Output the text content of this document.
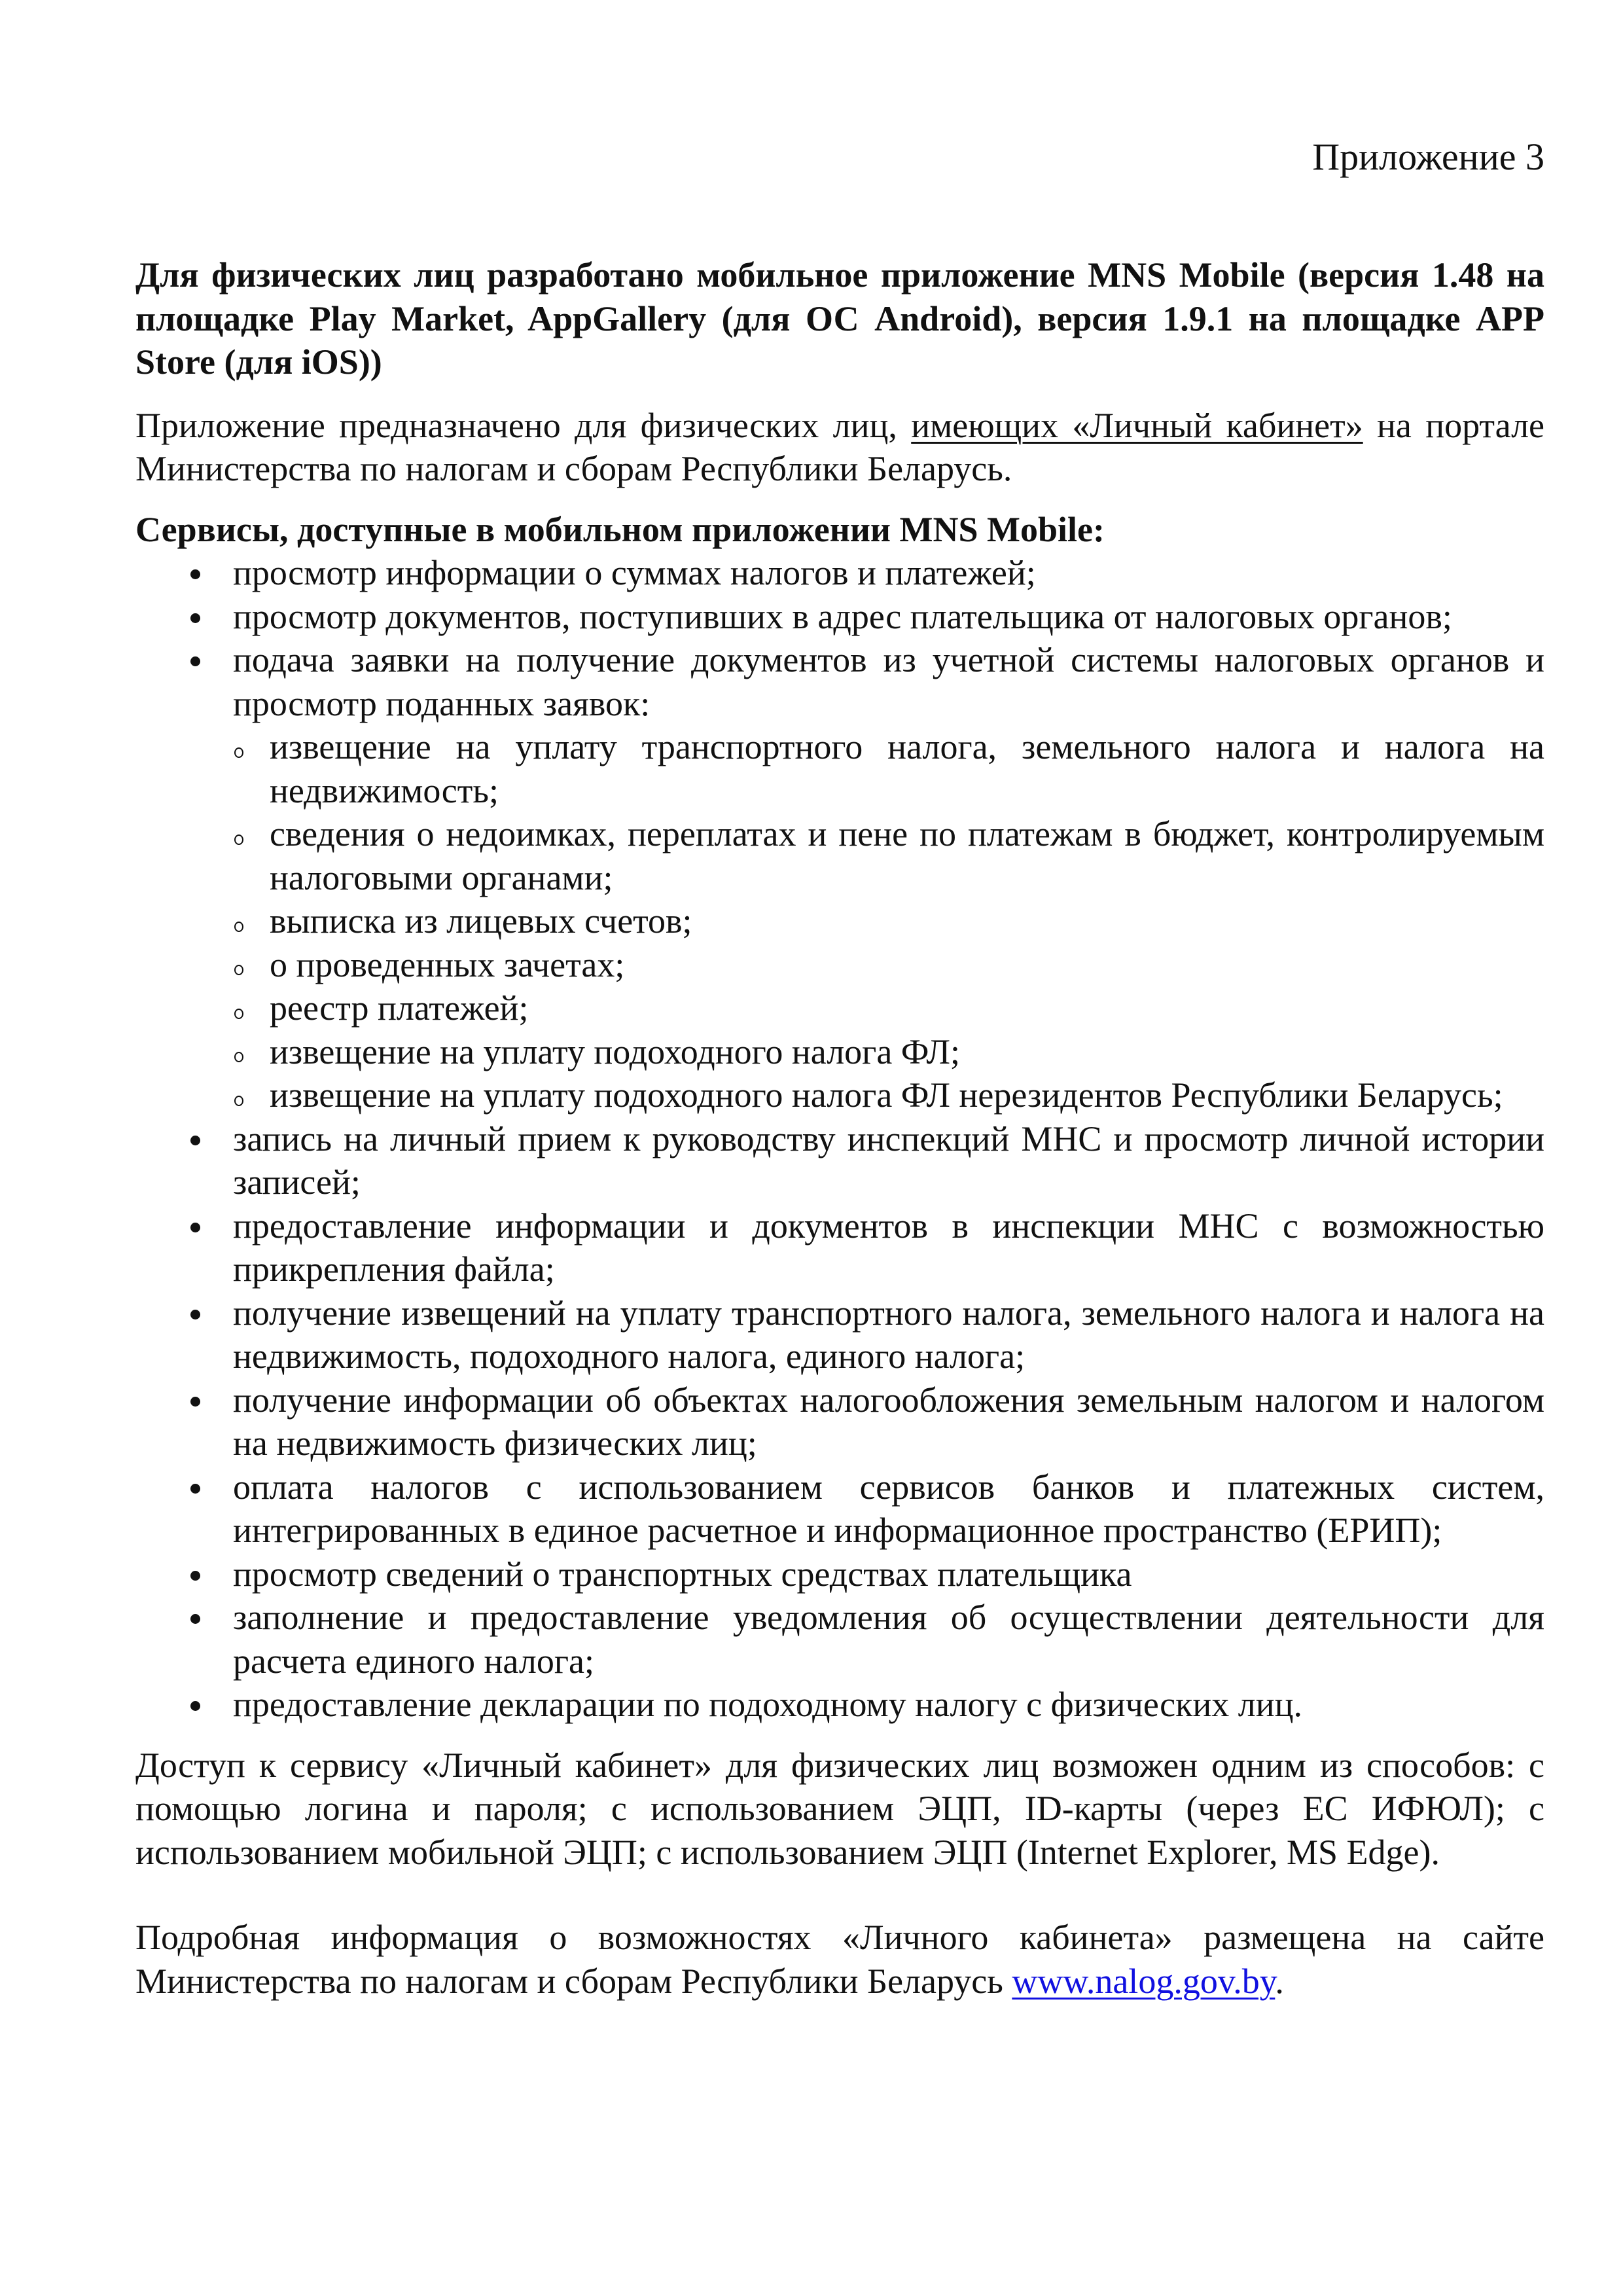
Приложение 3

Для физических лиц разработано мобильное приложение MNS Mobile (версия 1.48 на площадке Play Market, AppGallery (для ОС Android), версия 1.9.1 на площадке APP Store (для iOS))

Приложение предназначено для физических лиц, имеющих «Личный кабинет» на портале Министерства по налогам и сборам Республики Беларусь.

Сервисы, доступные в мобильном приложении MNS Mobile:

просмотр информации о суммах налогов и платежей;
просмотр документов, поступивших в адрес плательщика от налоговых органов;
подача заявки на получение документов из учетной системы налоговых органов и просмотр поданных заявок:
извещение на уплату транспортного налога, земельного налога и налога на недвижимость;
сведения о недоимках, переплатах и пене по платежам в бюджет, контролируемым налоговыми органами;
выписка из лицевых счетов;
о проведенных зачетах;
реестр платежей;
извещение на уплату подоходного налога ФЛ;
извещение на уплату подоходного налога ФЛ нерезидентов Республики Беларусь;
запись на личный прием к руководству инспекций МНС и просмотр личной истории записей;
предоставление информации и документов в инспекции МНС с возможностью прикрепления файла;
получение извещений на уплату транспортного налога, земельного налога и налога на недвижимость, подоходного налога, единого налога;
получение информации об объектах налогообложения земельным налогом и налогом на недвижимость физических лиц;
оплата налогов с использованием сервисов банков и платежных систем, интегрированных в единое расчетное и информационное пространство (ЕРИП);
просмотр сведений о транспортных средствах плательщика
заполнение и предоставление уведомления об осуществлении деятельности для расчета единого налога;
предоставление декларации по подоходному налогу с физических лиц.

Доступ к сервису «Личный кабинет» для физических лиц возможен одним из способов: с помощью логина и пароля; с использованием ЭЦП, ID-карты (через ЕС ИФЮЛ); с использованием мобильной ЭЦП; с использованием ЭЦП (Internet Explorer, MS Edge).

Подробная информация о возможностях «Личного кабинета» размещена на сайте Министерства по налогам и сборам Республики Беларусь www.nalog.gov.by.
